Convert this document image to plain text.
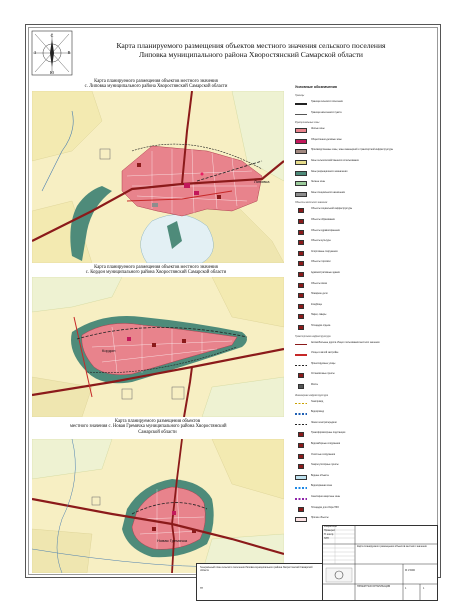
С
Ю
З	В
Карта планируемого размещения объектов местного значения сельского поселения
Липовка муниципального района Хворостянский Самарской области
Карта планируемого размещения объектов местного значения
с. Липовка муниципального района Хворостянский Самарской области
Липовка
Карта планируемого размещения объектов местного значения
с. Кордон муниципального района Хворостянский Самарской области
Кордон
Карта планируемого размещения объектов
местного значения с. Новая Гремячка муниципального района Хворостянский
Самарской области
Новая Гремячка
Условные обозначения
Границы
Граница сельского поселения
Граница населенного пункта
Функциональные зоны
Жилые зоны
Общественно-деловые зоны
Производственные зоны, зоны инженерной и транспортной инфраструктуры
Зоны сельскохозяйственного использования
Зоны рекреационного назначения
Лесные зоны
Зоны специального назначения
Объекты местного значения
Объекты социальной инфраструктуры
Объекты образования
Объекты здравоохранения
Объекты культуры
Спортивные сооружения
Объекты торговли
Административные здания
Объекты связи
Пожарное депо
Кладбище
Парки, скверы
Площадки отдыха
Транспортная инфраструктура
Автомобильные дороги общего пользования местного значения
Улицы в жилой застройке
Проектируемые улицы
Остановочные пункты
Мосты
Инженерная инфраструктура
Газопровод
Водопровод
Линии электропередачи
Трансформаторные подстанции
Водозаборные сооружения
Очистные сооружения
Газорегуляторные пункты
Водные объекты
Водоохранная зона
Санитарно-защитные зоны
Площадки для сбора ТБО
Прочие объекты
Генеральный план сельского поселения Липовка муниципального района Хворостянский Самарской области
ГП
Разработал
Проверил
Н. контр.
ГИП
Карта планируемого размещения объектов местного значения
ПРОЕКТНАЯ ОРГАНИЗАЦИЯ
М 1:5000
1	1
